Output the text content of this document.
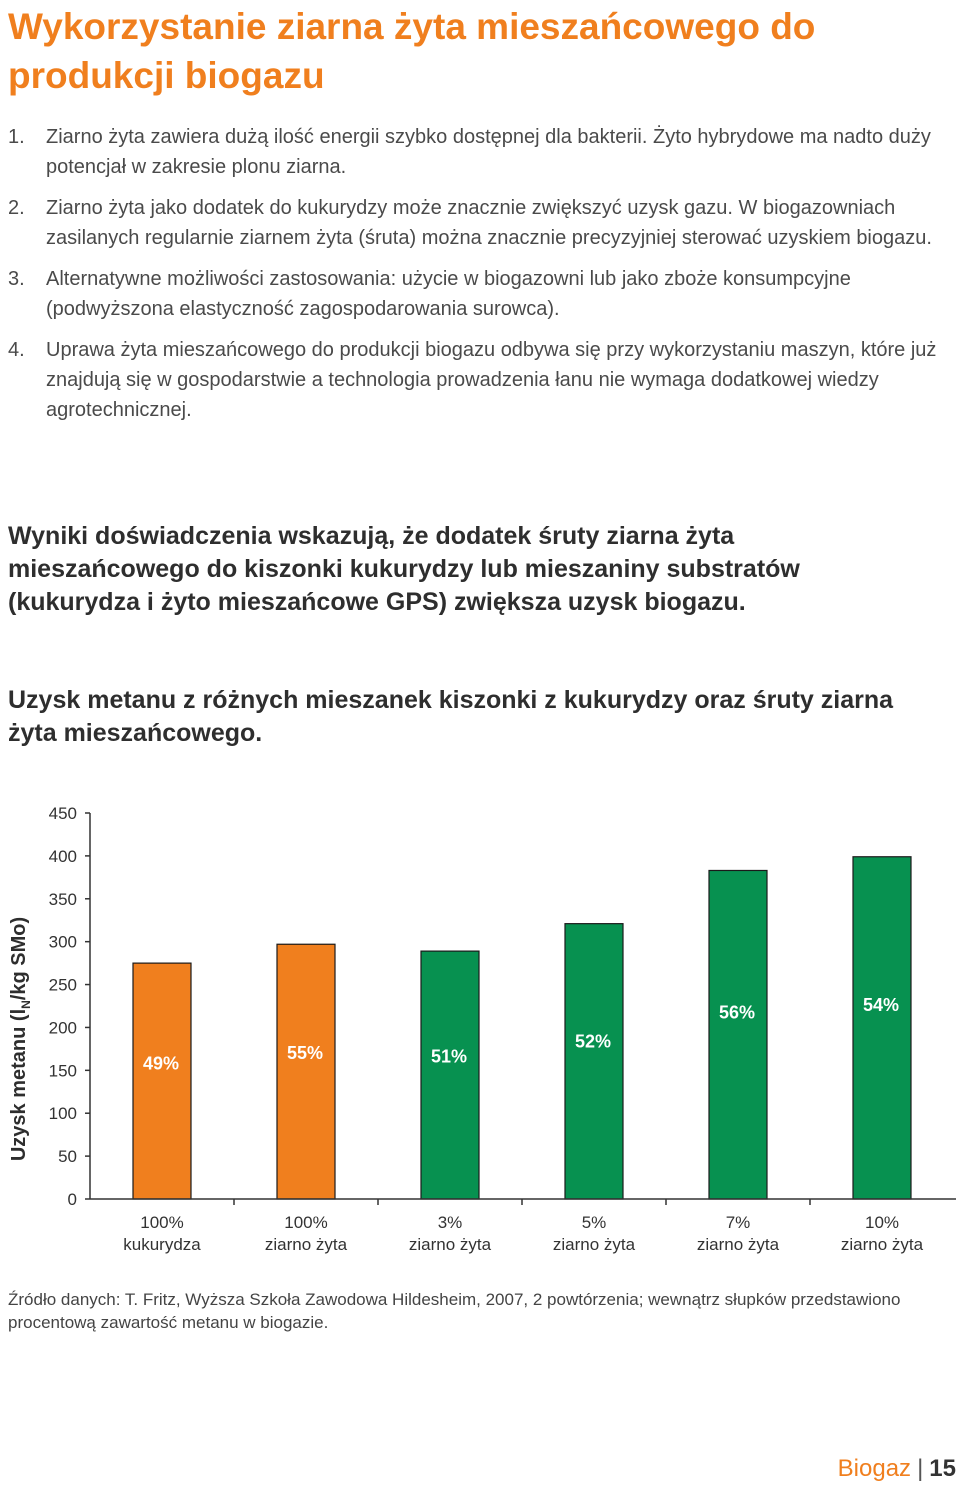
Wykorzystanie ziarna żyta mieszańcowego do produkcji biogazu
1. Ziarno żyta zawiera dużą ilość energii szybko dostępnej dla bakterii. Żyto hybrydowe ma nadto duży potencjał w zakresie plonu ziarna.
2. Ziarno żyta jako dodatek do kukurydzy może znacznie zwiększyć uzysk gazu. W biogazowniach zasilanych regularnie ziarnem żyta (śruta) można znacznie precyzyjniej sterować uzyskiem biogazu.
3. Alternatywne możliwości zastosowania: użycie w biogazowni lub jako zboże konsumpcyjne (podwyższona elastyczność zagospodarowania surowca).
4. Uprawa żyta mieszańcowego do produkcji biogazu odbywa się przy wykorzystaniu maszyn, które już znajdują się w gospodarstwie a technologia prowadzenia łanu nie wymaga dodatkowej wiedzy agrotechnicznej.

Wyniki doświadczenia wskazują, że dodatek śruty ziarna żyta mieszańcowego do kiszonki kukurydzy lub mieszaniny substratów (kukurydza i żyto mieszańcowe GPS) zwiększa uzysk biogazu.

Uzysk metanu z różnych mieszanek kiszonki z kukurydzy oraz śruty ziarna żyta mieszańcowego.
0
50
100
150
200
250
300
350
400
450
49%
55%	51%
52%
56%	54%
100%
kukurydza
100%
ziarno żyta
3%
ziarno żyta
5%
ziarno żyta
7%
ziarno żyta
10%
ziarno żyta
Uzysk metanu ($l_N/kg$ SMo)

Źródło danych: T. Fritz, Wyższa Szkoła Zawodowa Hildesheim, 2007, 2 powtórzenia; wewnątrz słupków przedstawiono procentową zawartość metanu w biogazie.

Biogaz | 15
